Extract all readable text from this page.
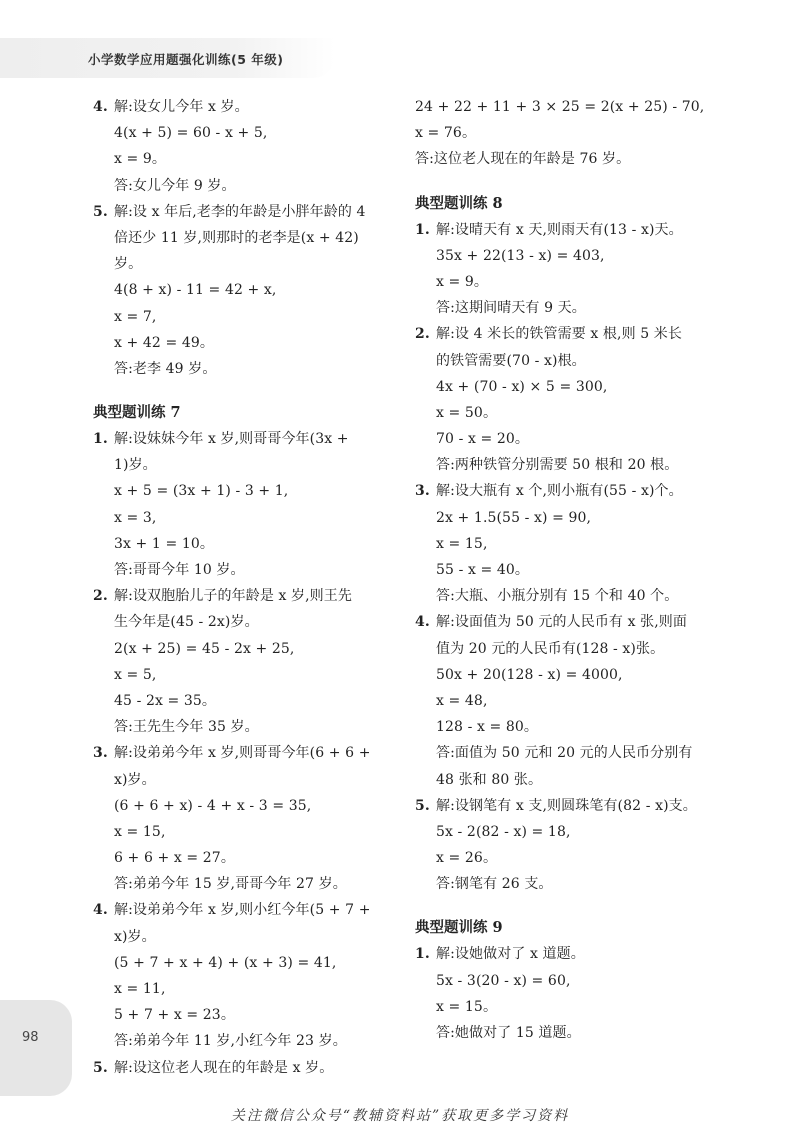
小学数学应用题强化训练(5 年级)
4. 解:设女儿今年 x 岁。
4(x + 5) = 60 - x + 5,
x = 9。
答:女儿今年 9 岁。
5. 解:设 x 年后,老李的年龄是小胖年龄的 4
倍还少 11 岁,则那时的老李是(x + 42)
岁。
4(8 + x) - 11 = 42 + x,
x = 7,
x + 42 = 49。
答:老李 49 岁。
典型题训练 7
1. 解:设妹妹今年 x 岁,则哥哥今年(3x +
1)岁。
x + 5 = (3x + 1) - 3 + 1,
x = 3,
3x + 1 = 10。
答:哥哥今年 10 岁。
2. 解:设双胞胎儿子的年龄是 x 岁,则王先
生今年是(45 - 2x)岁。
2(x + 25) = 45 - 2x + 25,
x = 5,
45 - 2x = 35。
答:王先生今年 35 岁。
3. 解:设弟弟今年 x 岁,则哥哥今年(6 + 6 +
x)岁。
(6 + 6 + x) - 4 + x - 3 = 35,
x = 15,
6 + 6 + x = 27。
答:弟弟今年 15 岁,哥哥今年 27 岁。
4. 解:设弟弟今年 x 岁,则小红今年(5 + 7 +
x)岁。
(5 + 7 + x + 4) + (x + 3) = 41,
x = 11,
5 + 7 + x = 23。
答:弟弟今年 11 岁,小红今年 23 岁。
5. 解:设这位老人现在的年龄是 x 岁。
24 + 22 + 11 + 3 × 25 = 2(x + 25) - 70,
x = 76。
答:这位老人现在的年龄是 76 岁。
典型题训练 8
1. 解:设晴天有 x 天,则雨天有(13 - x)天。
35x + 22(13 - x) = 403,
x = 9。
答:这期间晴天有 9 天。
2. 解:设 4 米长的铁管需要 x 根,则 5 米长
的铁管需要(70 - x)根。
4x + (70 - x) × 5 = 300,
x = 50。
70 - x = 20。
答:两种铁管分别需要 50 根和 20 根。
3. 解:设大瓶有 x 个,则小瓶有(55 - x)个。
2x + 1.5(55 - x) = 90,
x = 15,
55 - x = 40。
答:大瓶、小瓶分别有 15 个和 40 个。
4. 解:设面值为 50 元的人民币有 x 张,则面
值为 20 元的人民币有(128 - x)张。
50x + 20(128 - x) = 4000,
x = 48,
128 - x = 80。
答:面值为 50 元和 20 元的人民币分别有
48 张和 80 张。
5. 解:设钢笔有 x 支,则圆珠笔有(82 - x)支。
5x - 2(82 - x) = 18,
x = 26。
答:钢笔有 26 支。
典型题训练 9
1. 解:设她做对了 x 道题。
5x - 3(20 - x) = 60,
x = 15。
答:她做对了 15 道题。
98
关注微信公众号“教辅资料站”获取更多学习资料
